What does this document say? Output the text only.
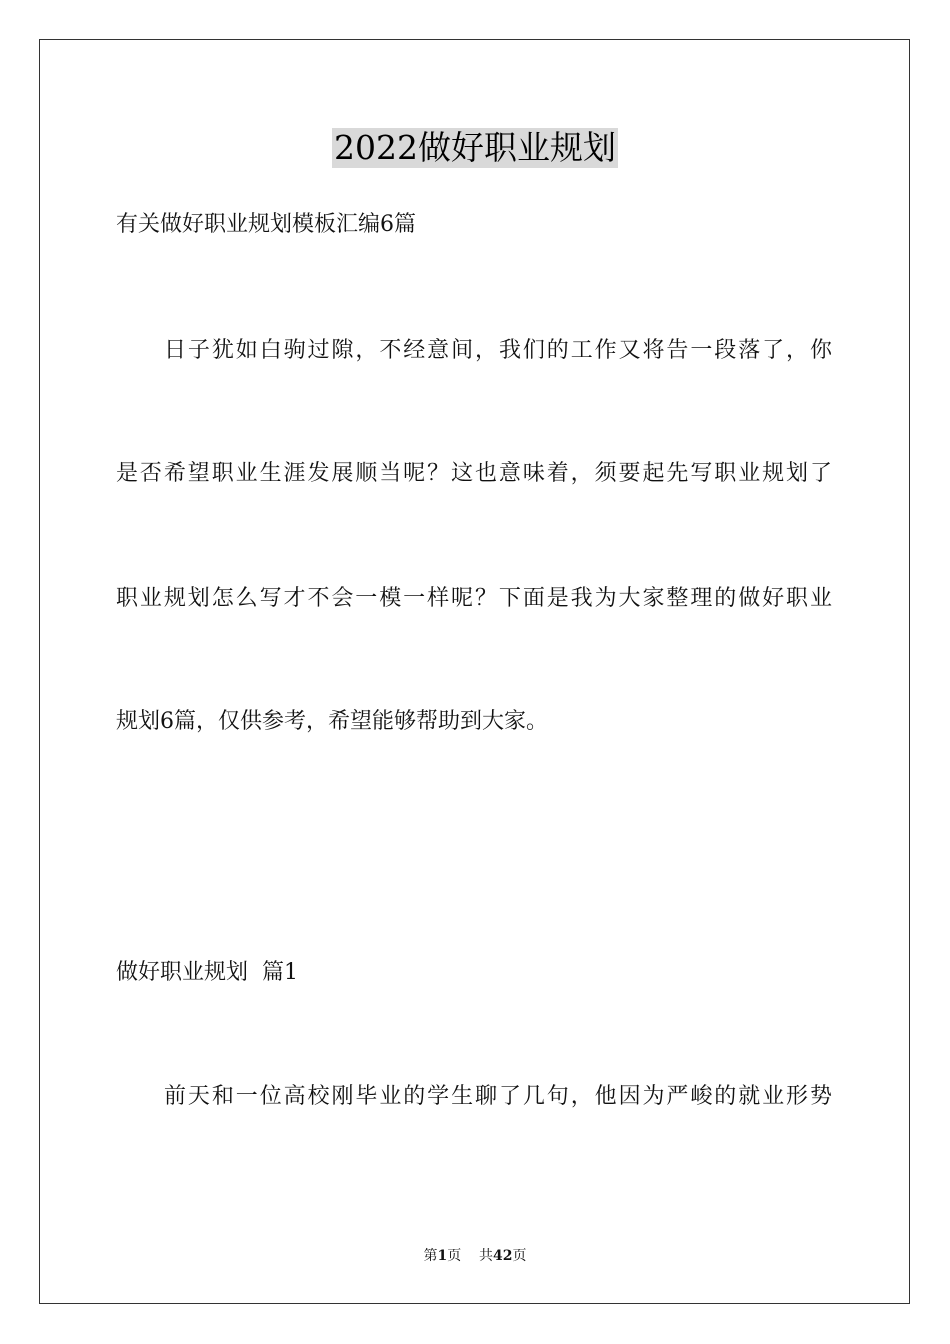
2022做好职业规划
有关做好职业规划模板汇编6篇
日子犹如白驹过隙，不经意间，我们的工作又将告一段落了，你
是否希望职业生涯发展顺当呢？这也意味着，须要起先写职业规划了
职业规划怎么写才不会一模一样呢？下面是我为大家整理的做好职业
规划6篇，仅供参考，希望能够帮助到大家。
做好职业规划  篇1
前天和一位高校刚毕业的学生聊了几句，他因为严峻的就业形势
第1页 共42页
